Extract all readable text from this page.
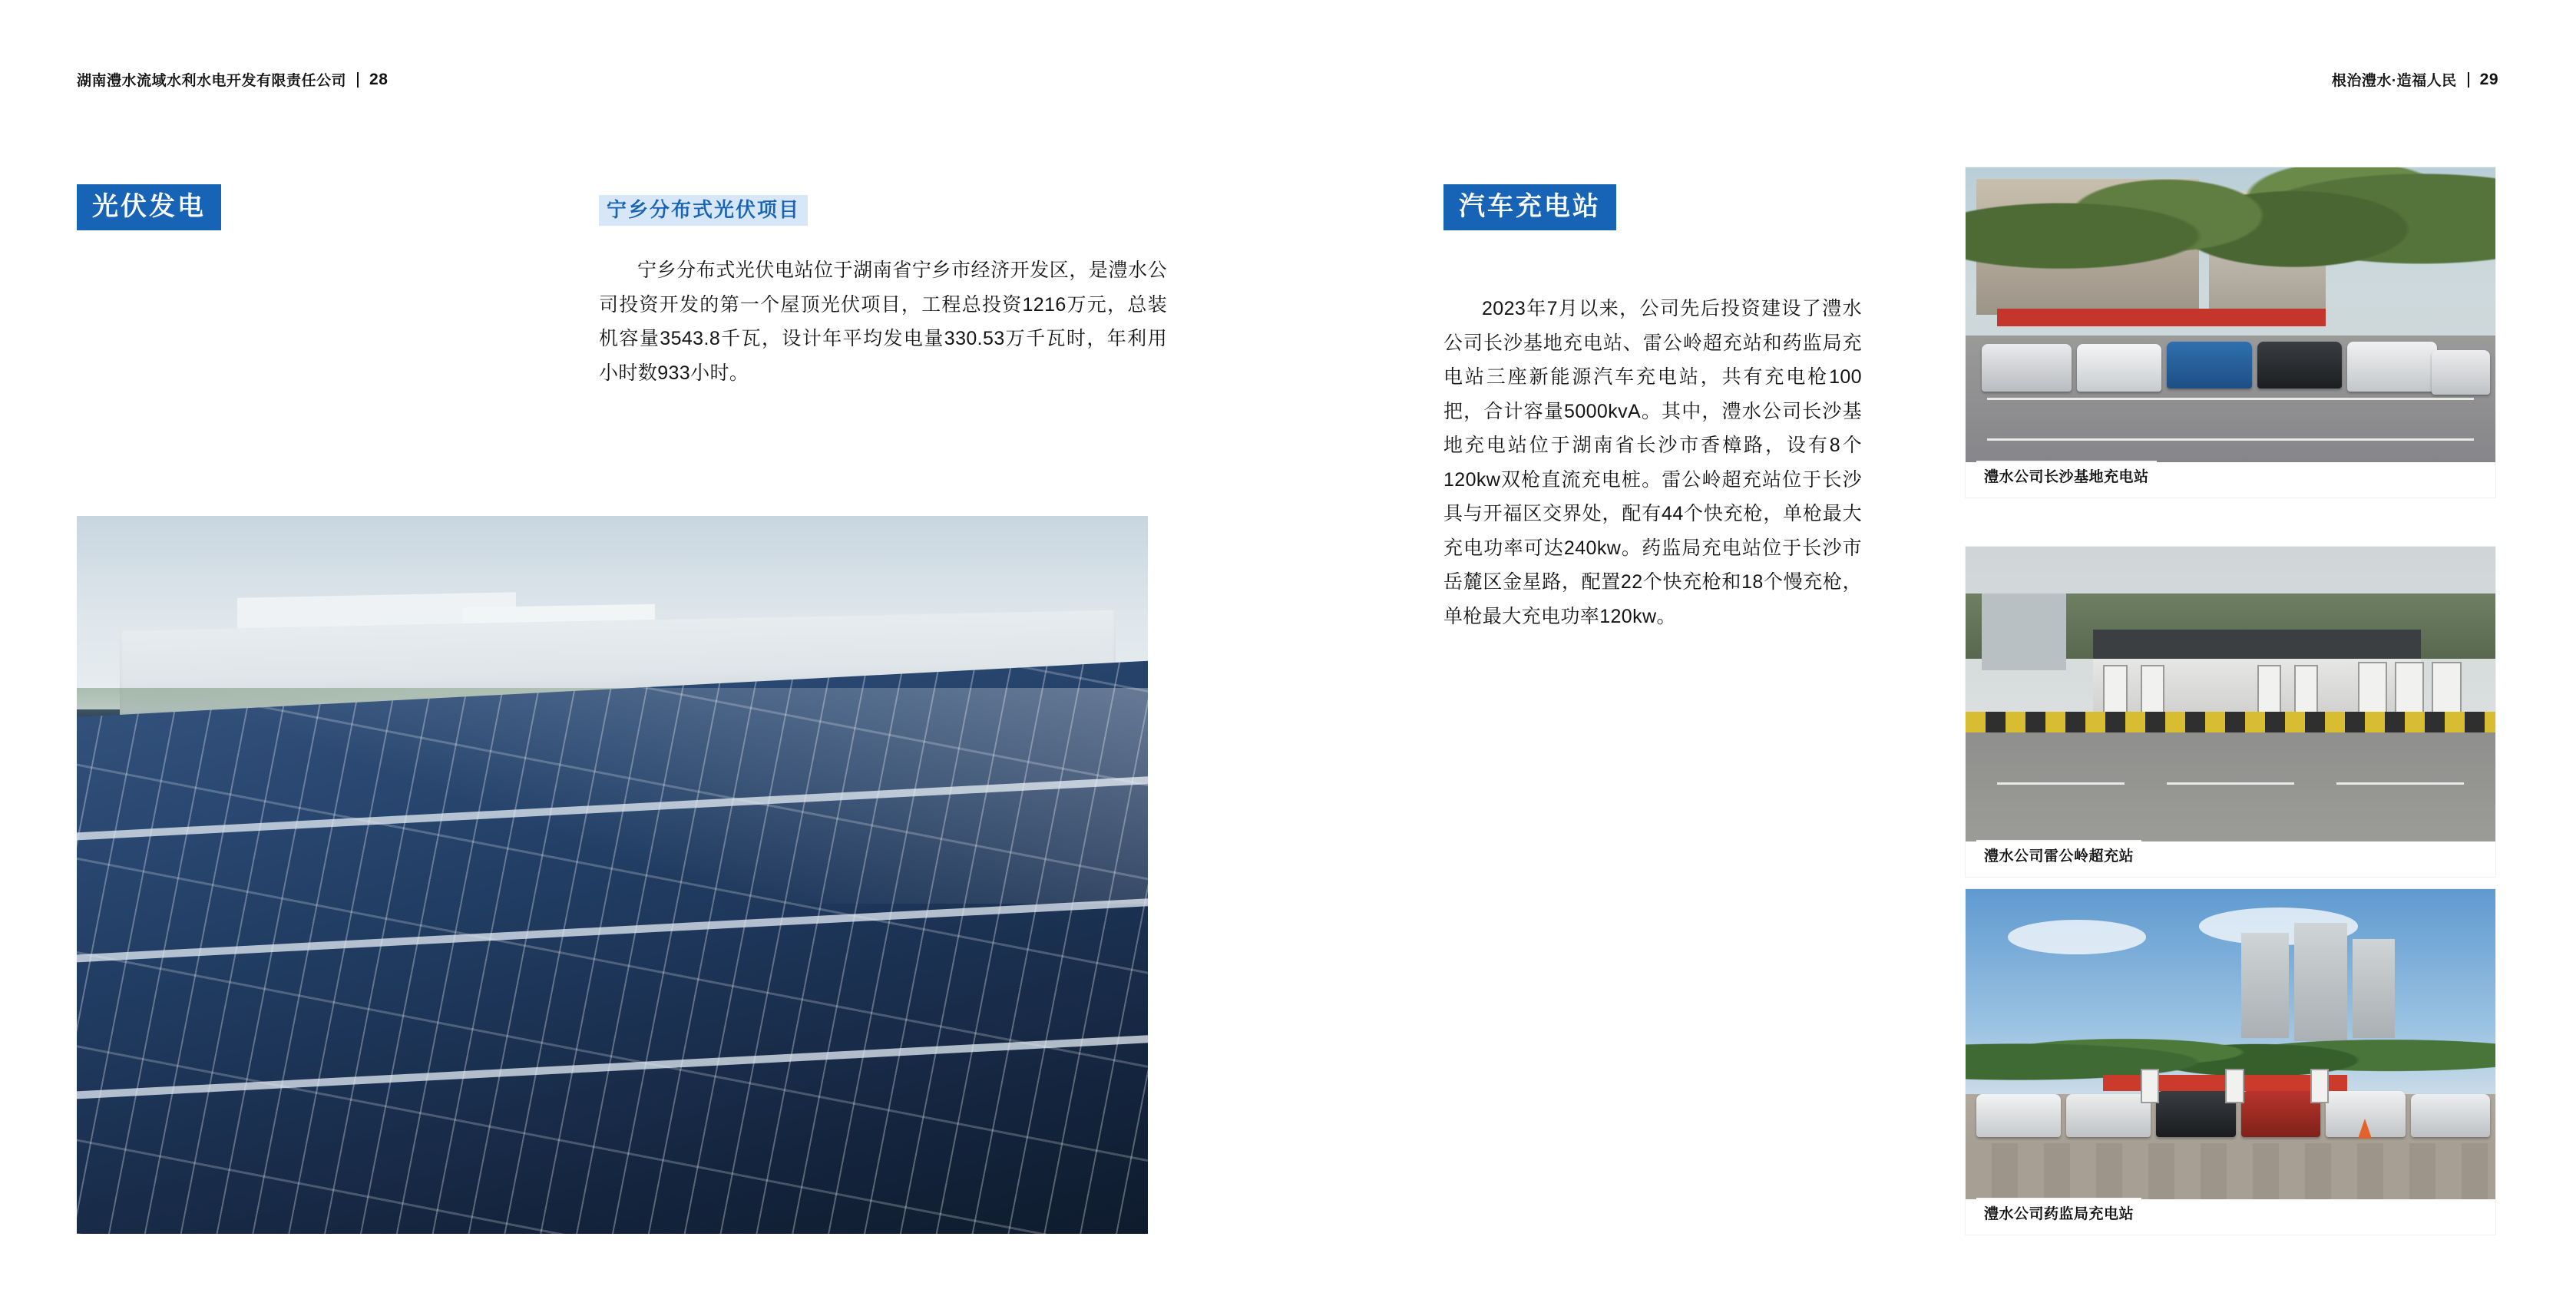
湖南澧水流域水利水电开发有限责任公司 28
光伏发电	宁乡分布式光伏项目

宁乡分布式光伏电站位于湖南省宁乡市经济开发区，是澧水公司投资开发的第一个屋顶光伏项目，工程总投资1216万元，总装机容量3543.8千瓦，设计年平均发电量330.53万千瓦时，年利用小时数933小时。

根治澧水·造福人民 29
汽车充电站

2023年7月以来，公司先后投资建设了澧水公司长沙基地充电站、雷公岭超充站和药监局充电站三座新能源汽车充电站，共有充电枪100把，合计容量5000kvA。其中，澧水公司长沙基地充电站位于湖南省长沙市香樟路，设有8个120kw双枪直流充电桩。雷公岭超充站位于长沙具与开福区交界处，配有44个快充枪，单枪最大充电功率可达240kw。药监局充电站位于长沙市岳麓区金星路，配置22个快充枪和18个慢充枪，单枪最大充电功率120kw。

澧水公司长沙基地充电站
澧水公司雷公岭超充站
澧水公司药监局充电站
